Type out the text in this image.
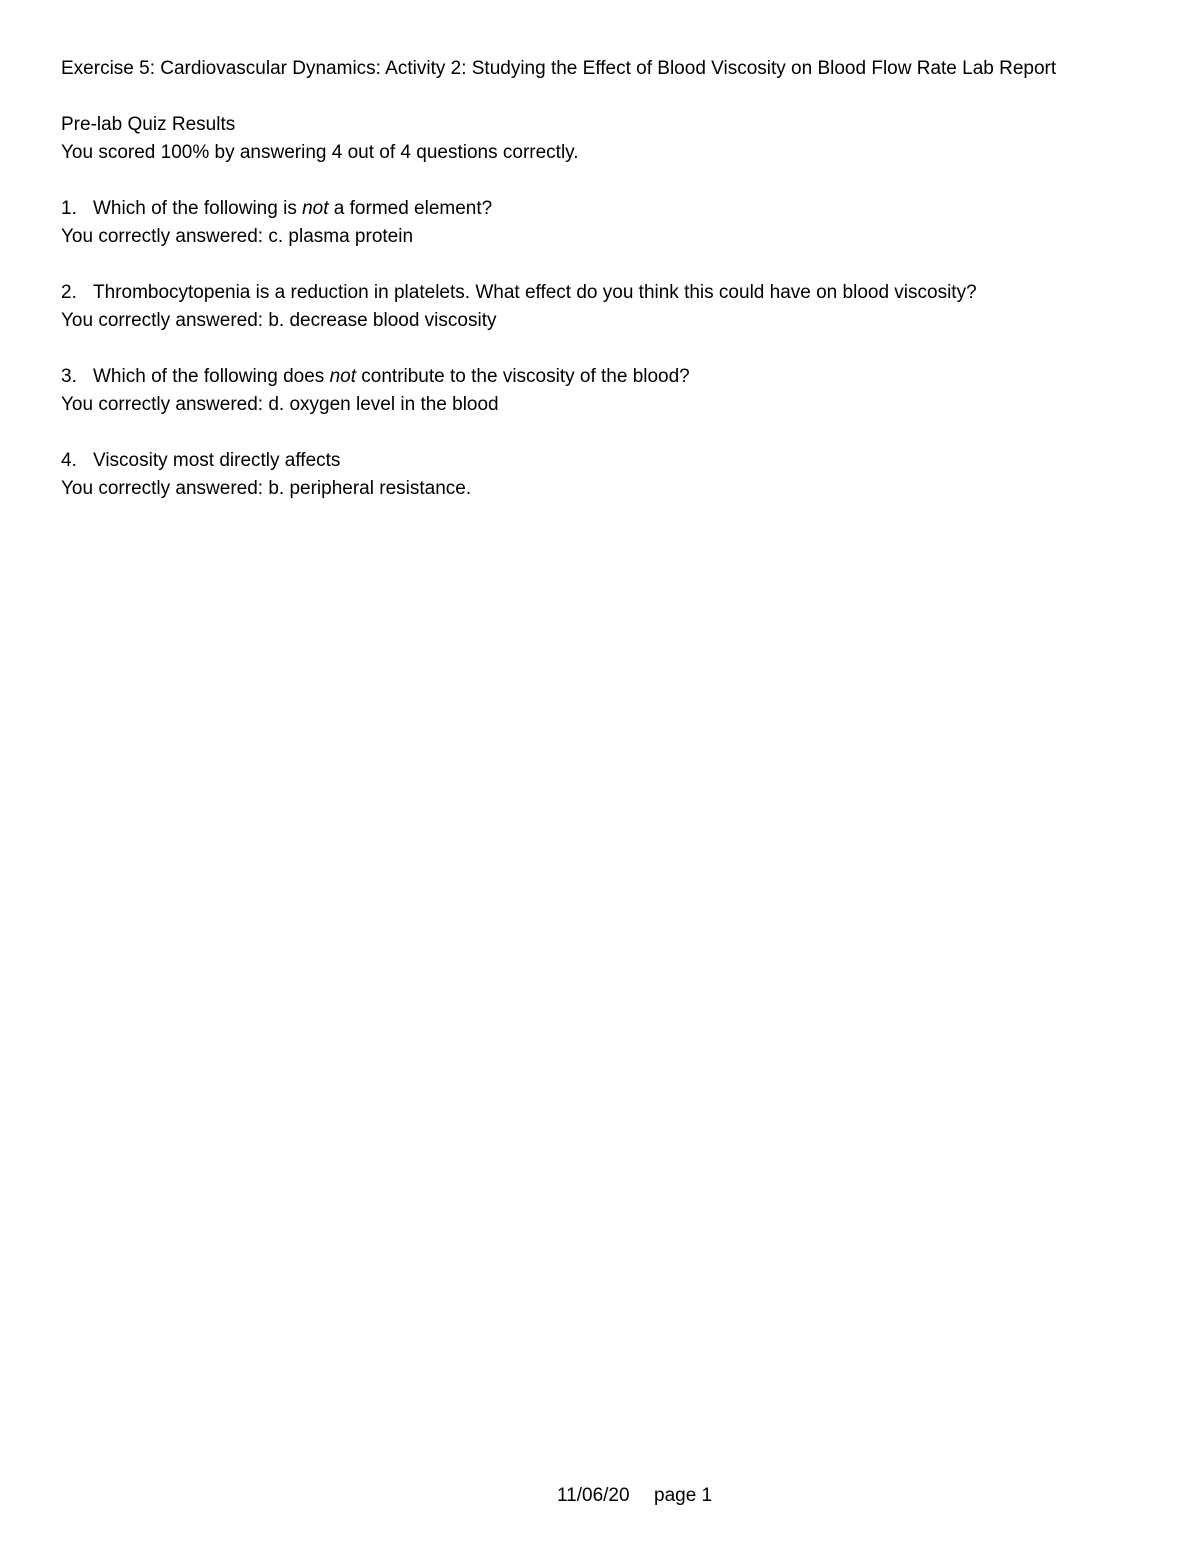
Exercise 5: Cardiovascular Dynamics: Activity 2: Studying the Effect of Blood Viscosity on Blood Flow Rate Lab Report
Pre-lab Quiz Results
You scored 100% by answering 4 out of 4 questions correctly.
1. Which of the following is not a formed element?
You correctly answered: c. plasma protein
2. Thrombocytopenia is a reduction in platelets. What effect do you think this could have on blood viscosity?
You correctly answered: b. decrease blood viscosity
3. Which of the following does not contribute to the viscosity of the blood?
You correctly answered: d. oxygen level in the blood
4. Viscosity most directly affects
You correctly answered: b. peripheral resistance.
11/06/20 page 1
